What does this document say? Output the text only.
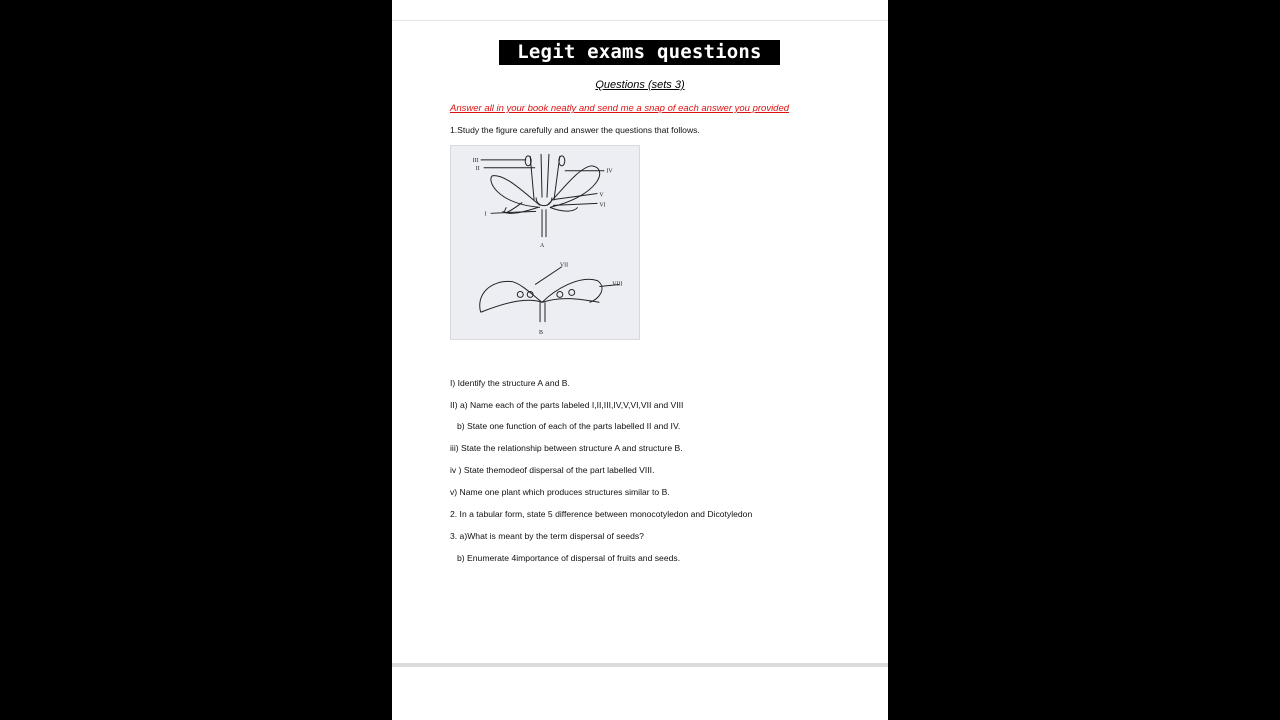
Legit exams questions
Questions (sets 3)
Answer all in your book neatly and send me a snap of each answer you provided
1.Study the figure carefully and answer the questions that follows.
III
II	IV
V
VI
I
A
VII
VIII
B
I) Identify the structure A and B.
II) a) Name each of the parts labeled I,II,III,IV,V,VI,VII and VIII
b) State one function of each of the parts labelled II and IV.
iii) State the relationship between structure A and structure B.
iv ) State themodeof dispersal of the part labelled VIII.
v) Name one plant which produces structures similar to B.
2. In a tabular form, state 5 difference between monocotyledon and Dicotyledon
3. a)What is meant by the term dispersal of seeds?
b) Enumerate 4importance of dispersal of fruits and seeds.
